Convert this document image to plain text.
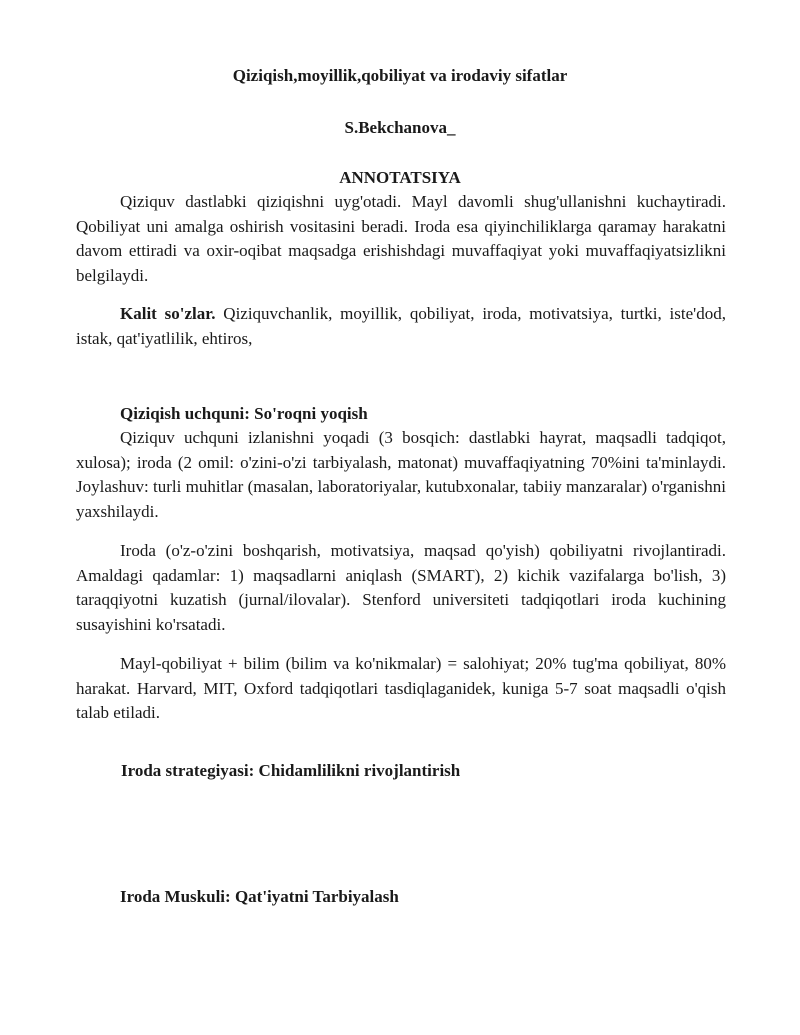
Qiziqish,moyillik,qobiliyat va irodaviy sifatlar
S.Bekchanova_
ANNOTATSIYA

Qiziquv dastlabki qiziqishni uyg'otadi. Mayl davomli shug'ullanishni kuchaytiradi. Qobiliyat uni amalga oshirish vositasini beradi. Iroda esa qiyinchiliklarga qaramay harakatni davom ettiradi va oxir-oqibat maqsadga erishishdagi muvaffaqiyat yoki muvaffaqiyatsizlikni belgilaydi.

Kalit so'zlar. Qiziquvchanlik, moyillik, qobiliyat, iroda, motivatsiya, turtki, iste'dod, istak, qat'iyatlilik, ehtiros,

Qiziqish uchquni: So'roqni yoqish

Qiziquv uchquni izlanishni yoqadi (3 bosqich: dastlabki hayrat, maqsadli tadqiqot, xulosa); iroda (2 omil: o'zini-o'zi tarbiyalash, matonat) muvaffaqiyatning 70%ini ta'minlaydi. Joylashuv: turli muhitlar (masalan, laboratoriyalar, kutubxonalar, tabiiy manzaralar) o'rganishni yaxshilaydi.

Iroda (o'z-o'zini boshqarish, motivatsiya, maqsad qo'yish) qobiliyatni rivojlantiradi. Amaldagi qadamlar: 1) maqsadlarni aniqlash (SMART), 2) kichik vazifalarga bo'lish, 3) taraqqiyotni kuzatish (jurnal/ilovalar). Stenford universiteti tadqiqotlari iroda kuchining susayishini ko'rsatadi.

Mayl-qobiliyat + bilim (bilim va ko'nikmalar) = salohiyat; 20% tug'ma qobiliyat, 80% harakat. Harvard, MIT, Oxford tadqiqotlari tasdiqlaganidek, kuniga 5-7 soat maqsadli o'qish talab etiladi.

Iroda strategiyasi: Chidamlilikni rivojlantirish
Iroda Muskuli: Qat'iyatni Tarbiyalash
